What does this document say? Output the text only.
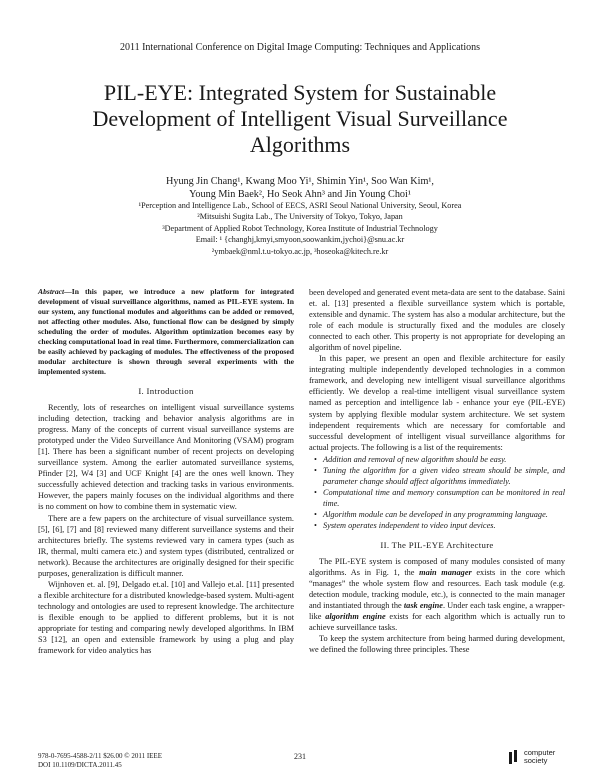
2011 International Conference on Digital Image Computing: Techniques and Applications
PIL-EYE: Integrated System for Sustainable
Development of Intelligent Visual Surveillance
Algorithms
Hyung Jin Chang¹, Kwang Moo Yi¹, Shimin Yin¹, Soo Wan Kim¹,
Young Min Baek², Ho Seok Ahn³ and Jin Young Choi¹
¹Perception and Intelligence Lab., School of EECS, ASRI Seoul National University, Seoul, Korea
²Mitsuishi Sugita Lab., The University of Tokyo, Tokyo, Japan
³Department of Applied Robot Technology, Korea Institute of Industrial Technology
Email: ¹ {changhj,kmyi,smyoon,soowankim,jychoi}@snu.ac.kr
²ymbaek@nml.t.u-tokyo.ac.jp, ³hoseoka@kitech.re.kr

Abstract—In this paper, we introduce a new platform for integrated development of visual surveillance algorithms, named as PIL-EYE system. In our system, any functional modules and algorithms can be added or removed, not affecting other modules. Also, functional flow can be designed by simply scheduling the order of modules. Algorithm optimization becomes easy by checking computational load in real time. Furthermore, commercialization can be easily achieved by packaging of modules. The effectiveness of the proposed modular architecture is shown through several experiments with the implemented system.

I. Introduction

Recently, lots of researches on intelligent visual surveillance systems including detection, tracking and behavior analysis algorithms are in progress. Many of the concepts of current visual surveillance systems are prototyped under the Video Surveillance And Monitoring (VSAM) program [1]. There has been a significant number of recent projects on developing surveillance system. Among the earlier automated surveillance systems, Pfinder [2], W4 [3] and UCF Knight [4] are the ones well known. They successfully achieved detection and tracking tasks in various environments. However, the papers mainly focuses on the individual algorithms and there is no comment on how to combine them in systematic view.

There are a few papers on the architecture of visual surveillance system. [5], [6], [7] and [8] reviewed many different surveillance systems and their architectures briefly. The systems reviewed vary in camera types (such as IR, thermal, multi camera etc.) and system types (distributed, centralized or network). Because the architectures are originally designed for their specific purposes, generalization is difficult manner.

Wijnhoven et. al. [9], Delgado et.al. [10] and Vallejo et.al. [11] presented a flexible architecture for a distributed knowledge-based system. Multi-agent technology and ontologies are used to represent knowledge. The architecture is flexible enough to be applied to different problems, but it is not appropriate for testing and comparing newly developed algorithms. In IBM S3 [12], an open and extensible framework by using a plug and play framework for video analytics has

been developed and generated event meta-data are sent to the database. Saini et. al. [13] presented a flexible surveillance system which is portable, extensible and dynamic. The system has also a modular architecture, but the role of each module is structurally fixed and the modules are closely connected to each other. This property is not appropriate for developing an algorithm of novel pipeline.

In this paper, we present an open and flexible architecture for easily integrating multiple independently developed technologies in a common framework, and developing new intelligent visual surveillance algorithms efficiently. We develop a real-time intelligent visual surveillance system named as perception and intelligence lab - enhance your eye (PIL-EYE) system by applying flexible modular system architecture. We set system independent requirements which are necessary for comfortable and successful development of intelligent visual surveillance algorithms for actual projects. The following is a list of the requirements:

• Addition and removal of new algorithm should be easy.
• Tuning the algorithm for a given video stream should be simple, and parameter change should affect algorithms immediately.
• Computational time and memory consumption can be monitored in real time.
• Algorithm module can be developed in any programming language.
• System operates independent to video input devices.
II. The PIL-EYE Architecture

The PIL-EYE system is composed of many modules consisted of many algorithms. As in Fig. 1, the main manager exists in the core which “manages” the whole system flow and resources. Each task module (e.g. detection module, tracking module, etc.), is connected to the main manager and instantiated through the task engine. Under each task engine, a wrapper-like algorithm engine exists for each algorithm which is actually run to achieve surveillance tasks.

To keep the system architecture from being harmed during development, we defined the following three principles. These

978-0-7695-4588-2/11 $26.00 © 2011 IEEE
DOI 10.1109/DICTA.2011.45
231	computer
society
